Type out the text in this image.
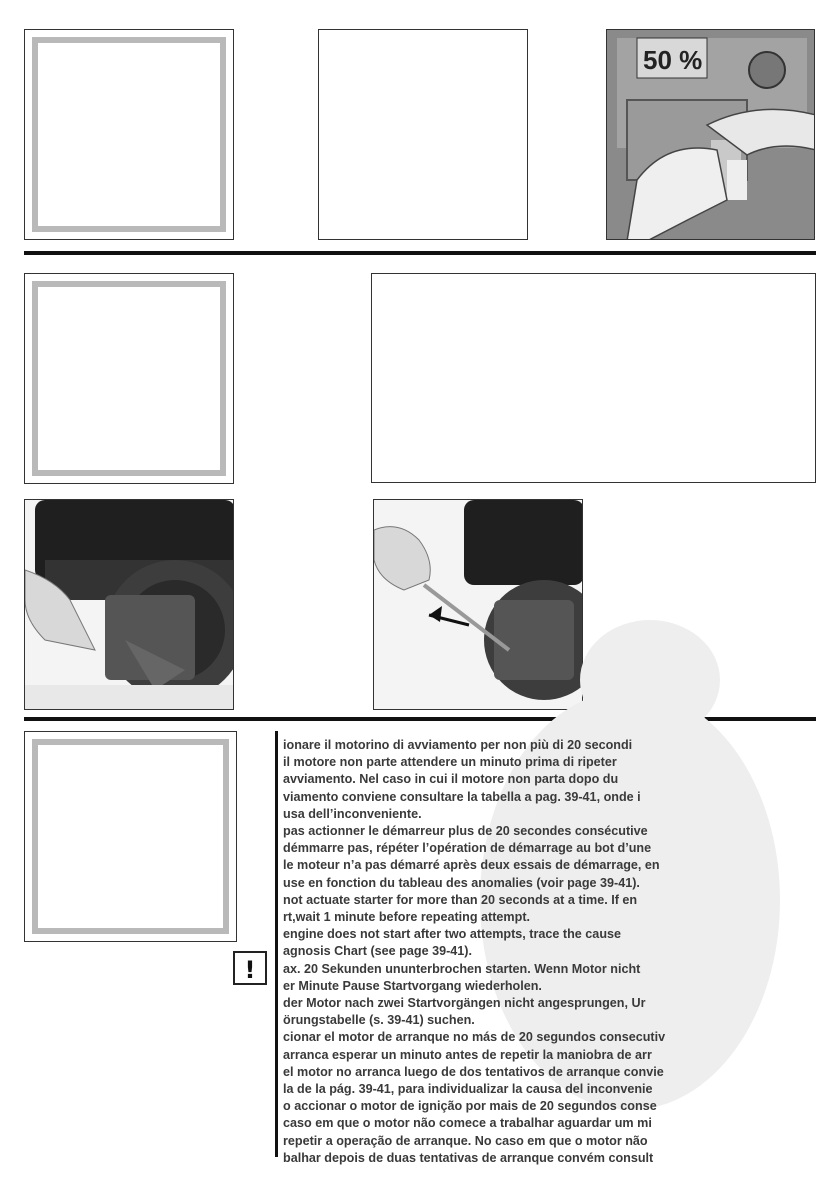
50 %
!
ionare il motorino di avviamento per non più di 20 secondi
il motore non parte attendere un minuto prima di ripeter
avviamento. Nel caso in cui il motore non parta dopo du
viamento conviene consultare la tabella a pag. 39-41, onde i
usa dell’inconveniente.
pas actionner le démarreur plus de 20 secondes consécutive
démmarre pas, répéter l’opération de démarrage au bot d’une
le moteur n’a pas démarré après deux essais de démarrage, en
use en fonction du tableau des anomalies (voir page 39-41).
not actuate starter for more than 20 seconds at a time. If en
rt,wait 1 minute before repeating attempt.
engine does not start after two attempts, trace the cause
agnosis Chart (see page 39-41).
ax. 20 Sekunden ununterbrochen starten. Wenn Motor nicht
er Minute Pause Startvorgang wiederholen.
der Motor nach zwei Startvorgängen nicht angesprungen, Ur
örungstabelle (s. 39-41) suchen.
cionar el motor de arranque no más de 20 segundos consecutiv
arranca esperar un minuto antes de repetir la maniobra de arr
el motor no arranca luego de dos tentativos de arranque convie
la de la pág. 39-41, para individualizar la causa del inconvenie
o accionar o motor de ignição por mais de 20 segundos conse
caso em que o motor não comece a trabalhar aguardar um mi
repetir a operação de arranque. No caso em que o motor não
balhar depois de duas tentativas de arranque convém consult
